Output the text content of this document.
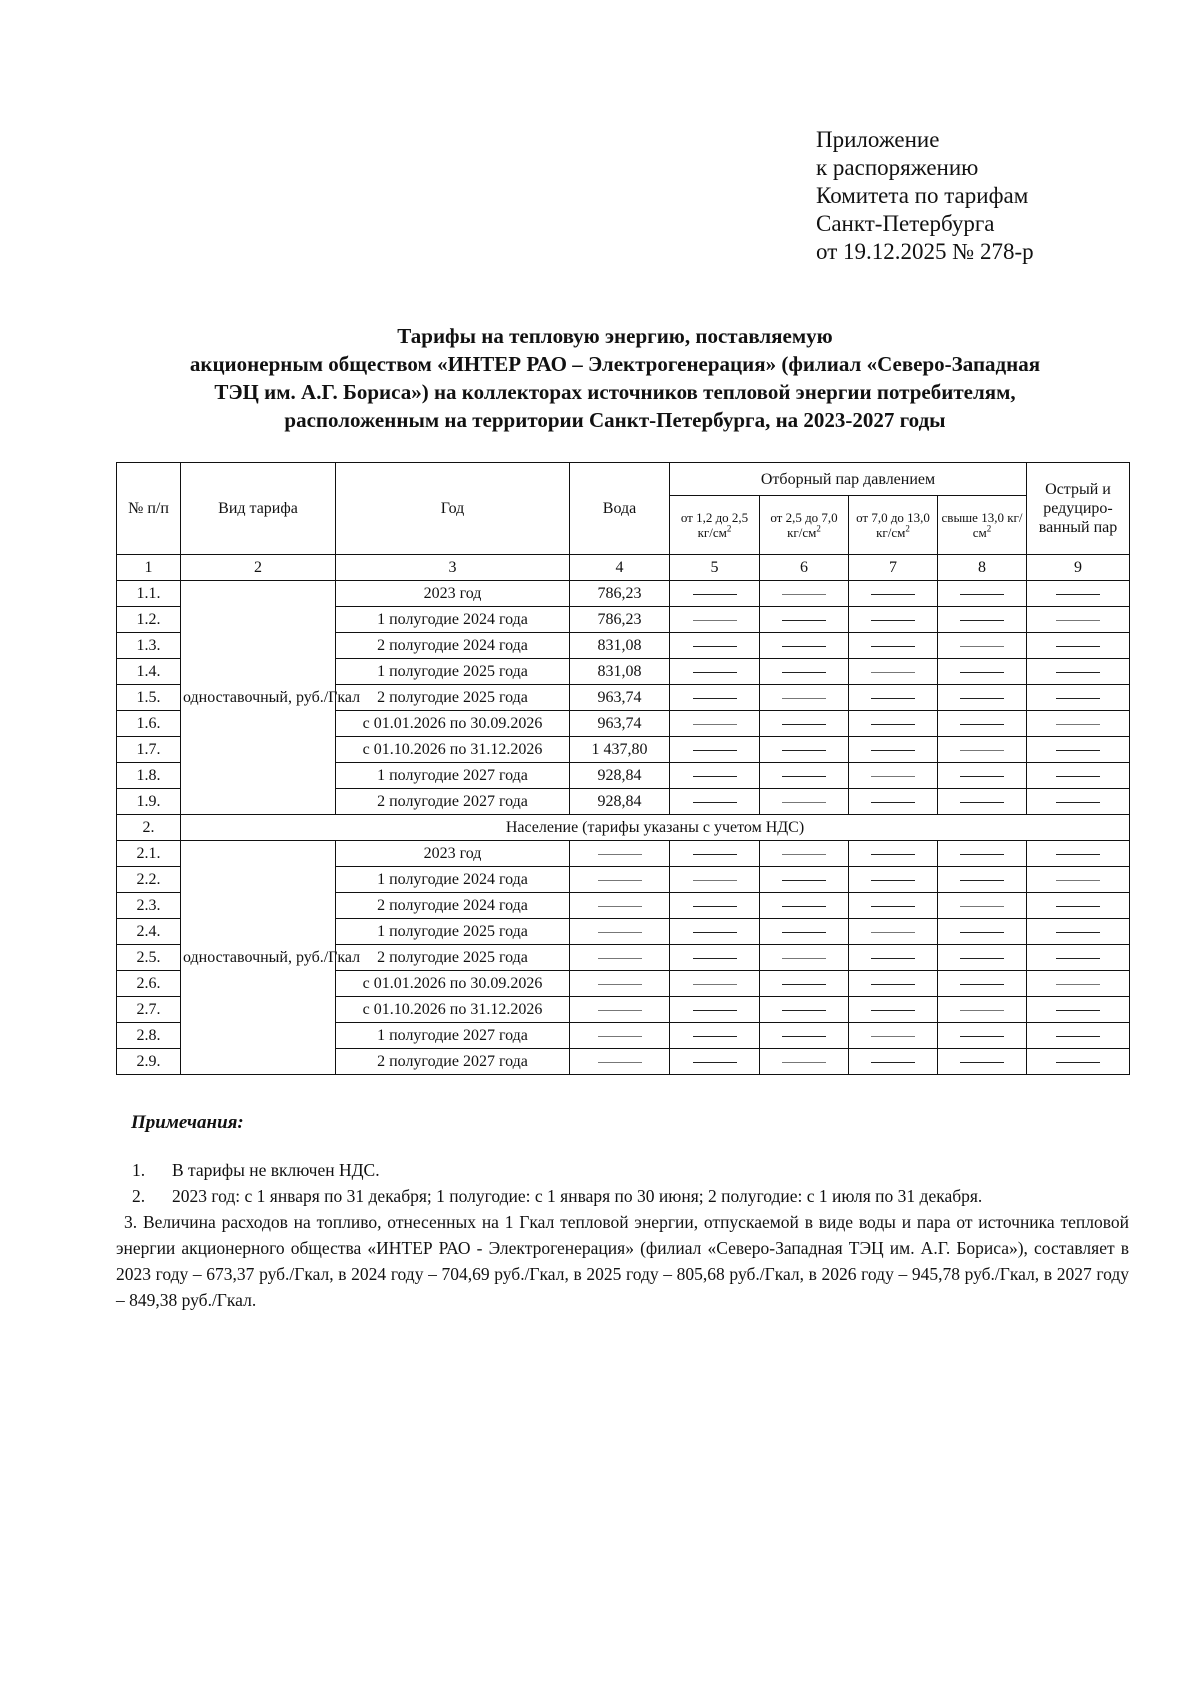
Приложение
к распоряжению
Комитета по тарифам
Санкт-Петербурга
от 19.12.2025 № 278-р
Тарифы на тепловую энергию, поставляемую
акционерным обществом «ИНТЕР РАО – Электрогенерация» (филиал «Северо-Западная
ТЭЦ им. А.Г. Бориса») на коллекторах источников тепловой энергии потребителям,
расположенным на территории Санкт-Петербурга, на 2023-2027 годы
№ п/п	Вид тарифа	Год	Вода	Отборный пар давлением				Острый и редуциро-ванный пар
				от 1,2 до 2,5 $кг/см^2$	от 2,5 до 7,0 $кг/см^2$	от 7,0 до 13,0 $кг/см^2$	свыше 13,0 $кг/см^2$
1	2	3	4	5	6	7	8	9
1.1.	одноставочный, руб./Гкал	2023 год	786,23					
1.2.		1 полугодие 2024 года	786,23					
1.3.		2 полугодие 2024 года	831,08					
1.4.		1 полугодие 2025 года	831,08					
1.5.		2 полугодие 2025 года	963,74					
1.6.		с 01.01.2026 по 30.09.2026	963,74					
1.7.		с 01.10.2026 по 31.12.2026	1 437,80					
1.8.		1 полугодие 2027 года	928,84					
1.9.		2 полугодие 2027 года	928,84					
2.	Население (тарифы указаны с учетом НДС)							
2.1.	одноставочный, руб./Гкал	2023 год						
2.2.		1 полугодие 2024 года						
2.3.		2 полугодие 2024 года						
2.4.		1 полугодие 2025 года						
2.5.		2 полугодие 2025 года						
2.6.		с 01.01.2026 по 30.09.2026						
2.7.		с 01.10.2026 по 31.12.2026						
2.8.		1 полугодие 2027 года						
2.9.		2 полугодие 2027 года						
Примечания:
1. В тарифы не включен НДС.
2. 2023 год: с 1 января по 31 декабря; 1 полугодие: с 1 января по 30 июня; 2 полугодие: с 1 июля по 31 декабря.
3. Величина расходов на топливо, отнесенных на 1 Гкал тепловой энергии, отпускаемой в виде воды и пара от источника тепловой энергии акционерного общества «ИНТЕР РАО - Электрогенерация» (филиал «Северо-Западная ТЭЦ им. А.Г. Бориса»), составляет в 2023 году – 673,37 руб./Гкал, в 2024 году – 704,69 руб./Гкал, в 2025 году – 805,68 руб./Гкал, в 2026 году – 945,78 руб./Гкал, в 2027 году – 849,38 руб./Гкал.
